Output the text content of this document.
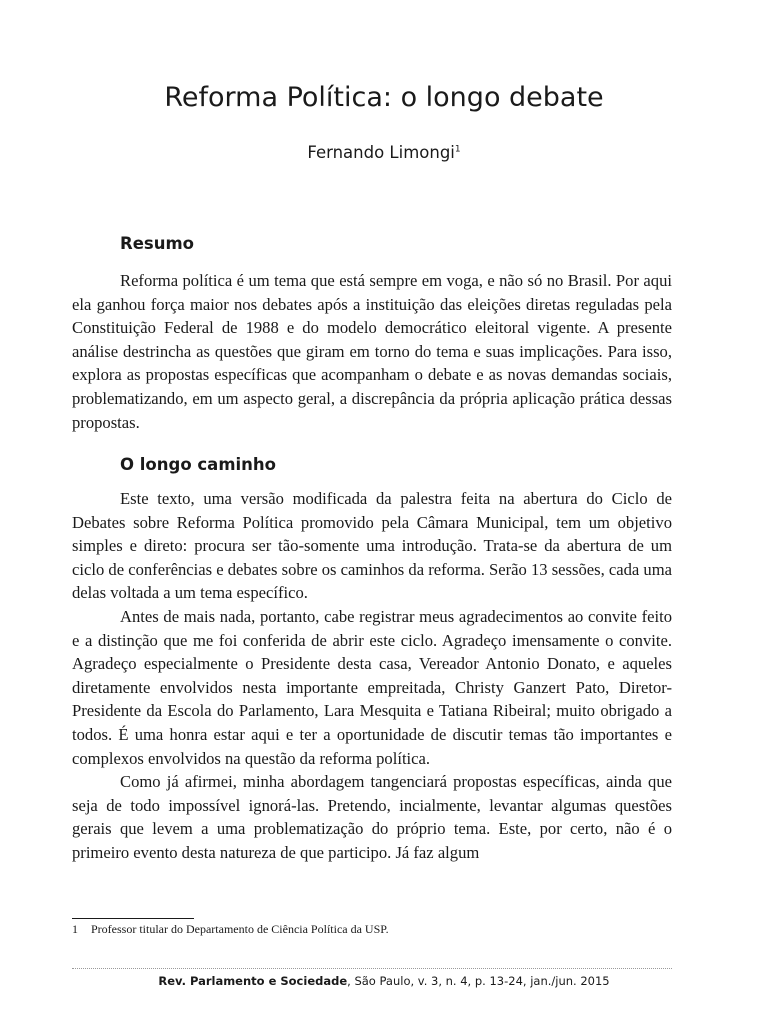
Reforma Política: o longo debate
Fernando Limongi$^1$
Resumo

Reforma política é um tema que está sempre em voga, e não só no Brasil. Por aqui ela ganhou força maior nos debates após a instituição das eleições diretas reguladas pela Constituição Federal de 1988 e do modelo democrático eleitoral vigente. A presente análise destrincha as questões que giram em torno do tema e suas implicações. Para isso, explora as propostas específicas que acompanham o debate e as novas demandas sociais, problematizando, em um aspecto geral, a discrepância da própria aplicação prática dessas propostas.

O longo caminho

Este texto, uma versão modificada da palestra feita na abertura do Ciclo de Debates sobre Reforma Política promovido pela Câmara Municipal, tem um objetivo simples e direto: procura ser tão-somente uma introdução. Trata-se da abertura de um ciclo de conferências e debates sobre os caminhos da reforma. Serão 13 sessões, cada uma delas voltada a um tema específico.

Antes de mais nada, portanto, cabe registrar meus agradecimentos ao convite feito e a distinção que me foi conferida de abrir este ciclo. Agradeço imensamente o convite. Agradeço especialmente o Presidente desta casa, Vereador Antonio Donato, e aqueles diretamente envolvidos nesta importante empreitada, Christy Ganzert Pato, Diretor-Presidente da Escola do Parlamento, Lara Mesquita e Tatiana Ribeiral; muito obrigado a todos. É uma honra estar aqui e ter a oportunidade de discutir temas tão importantes e complexos envolvidos na questão da reforma política.

Como já afirmei, minha abordagem tangenciará propostas específicas, ainda que seja de todo impossível ignorá-las. Pretendo, incialmente, levantar algumas questões gerais que levem a uma problematização do próprio tema. Este, por certo, não é o primeiro evento desta natureza de que participo. Já faz algum

1 Professor titular do Departamento de Ciência Política da USP.
Rev. Parlamento e Sociedade, São Paulo, v. 3, n. 4, p. 13-24, jan./jun. 2015
